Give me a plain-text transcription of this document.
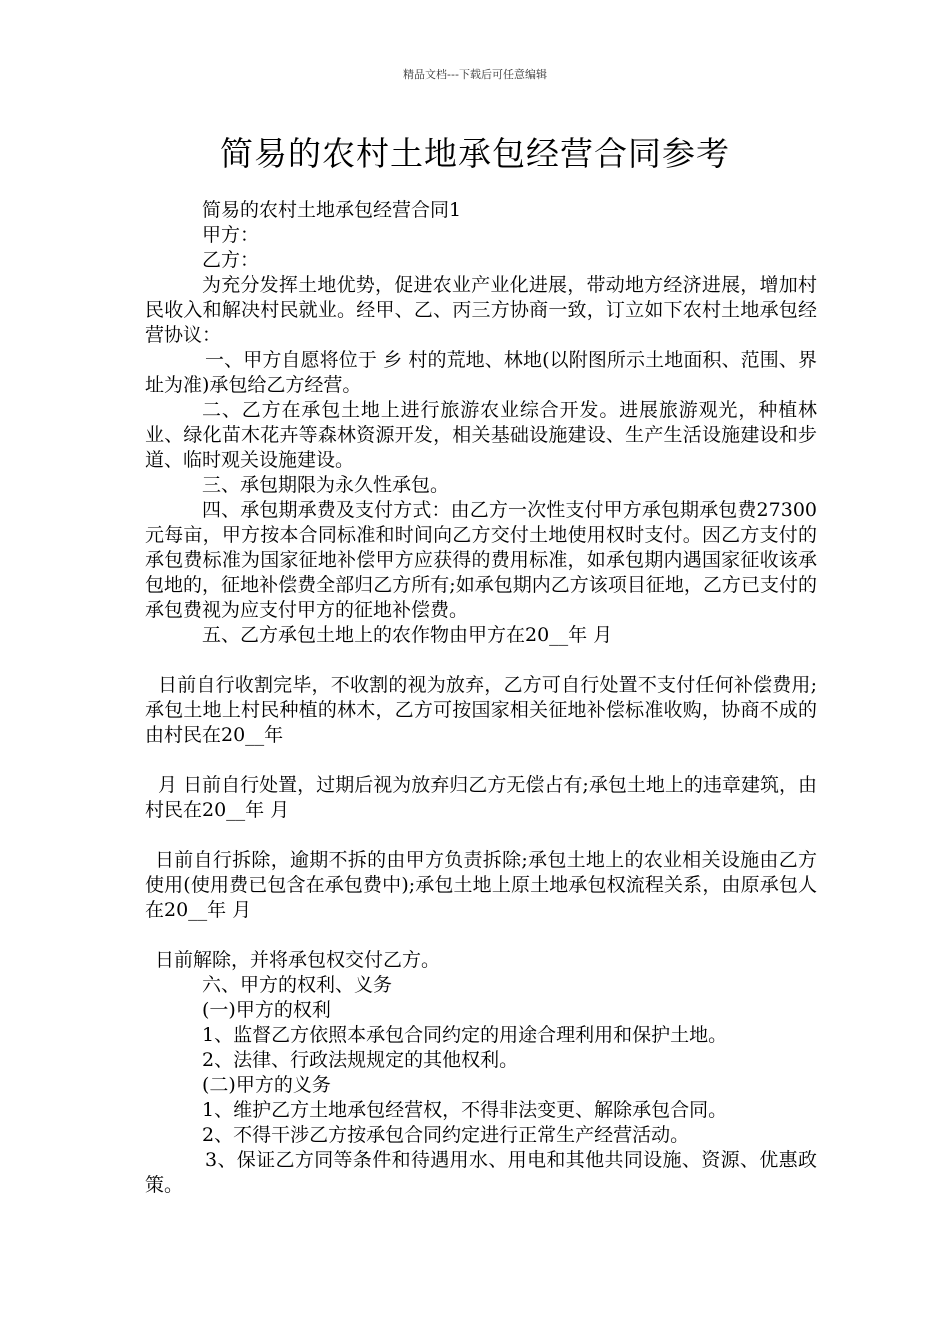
精品文档---下载后可任意编辑
简易的农村土地承包经营合同参考

简易的农村土地承包经营合同1

甲方：

乙方：

为充分发挥土地优势，促进农业产业化进展，带动地方经济进展，增加村民收入和解决村民就业。经甲、乙、丙三方协商一致，订立如下农村土地承包经营协议：

一、甲方自愿将位于 乡 村的荒地、林地(以附图所示土地面积、范围、界址为准)承包给乙方经营。

二、乙方在承包土地上进行旅游农业综合开发。进展旅游观光，种植林业、绿化苗木花卉等森林资源开发，相关基础设施建设、生产生活设施建设和步道、临时观关设施建设。

三、承包期限为永久性承包。

四、承包期承费及支付方式：由乙方一次性支付甲方承包期承包费27300元每亩，甲方按本合同标准和时间向乙方交付土地使用权时支付。因乙方支付的承包费标准为国家征地补偿甲方应获得的费用标准，如承包期内遇国家征收该承包地的，征地补偿费全部归乙方所有;如承包期内乙方该项目征地，乙方已支付的承包费视为应支付甲方的征地补偿费。

五、乙方承包土地上的农作物由甲方在20__年 月

日前自行收割完毕，不收割的视为放弃，乙方可自行处置不支付任何补偿费用;承包土地上村民种植的林木，乙方可按国家相关征地补偿标准收购，协商不成的由村民在20__年

月 日前自行处置，过期后视为放弃归乙方无偿占有;承包土地上的违章建筑，由村民在20__年 月

日前自行拆除，逾期不拆的由甲方负责拆除;承包土地上的农业相关设施由乙方使用(使用费已包含在承包费中);承包土地上原土地承包权流程关系，由原承包人在20__年 月

日前解除，并将承包权交付乙方。

六、甲方的权利、义务

(一)甲方的权利

1、监督乙方依照本承包合同约定的用途合理利用和保护土地。

2、法律、行政法规规定的其他权利。

(二)甲方的义务

1、维护乙方土地承包经营权，不得非法变更、解除承包合同。

2、不得干涉乙方按承包合同约定进行正常生产经营活动。

3、保证乙方同等条件和待遇用水、用电和其他共同设施、资源、优惠政策。
